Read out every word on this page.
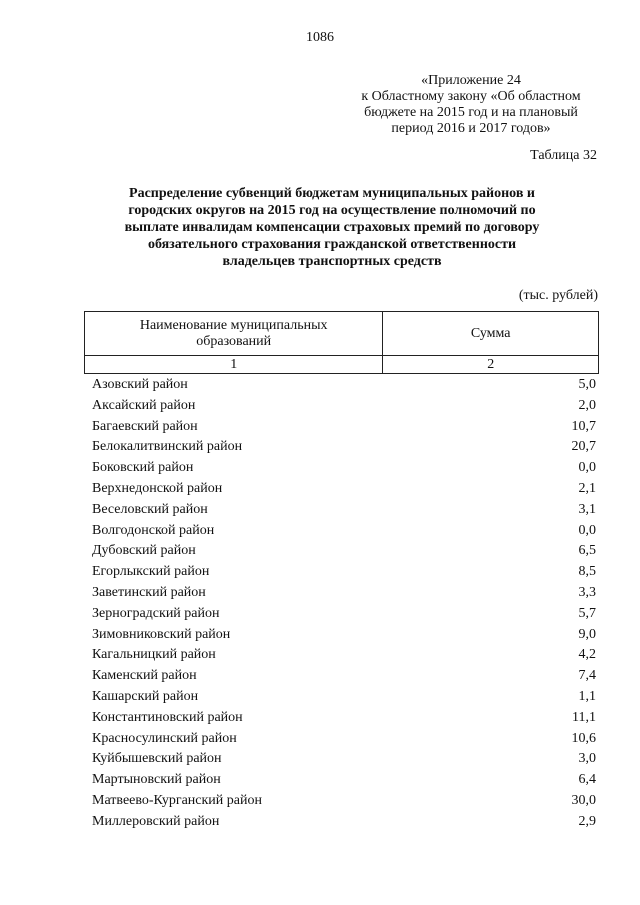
1086
«Приложение 24
к Областному закону «Об областном
бюджете на 2015 год и на плановый
период 2016 и 2017 годов»
Таблица 32
Распределение субвенций бюджетам муниципальных районов и
городских округов на 2015 год на осуществление полномочий по
выплате инвалидам компенсации страховых премий по договору
обязательного страхования гражданской ответственности
владельцев транспортных средств
(тыс. рублей)
Наименование муниципальных
образований	Сумма
1	2
Азовский район	5,0
Аксайский район	2,0
Багаевский район	10,7
Белокалитвинский район	20,7
Боковский район	0,0
Верхнедонской район	2,1
Веселовский район	3,1
Волгодонской район	0,0
Дубовский район	6,5
Егорлыкский район	8,5
Заветинский район	3,3
Зерноградский район	5,7
Зимовниковский район	9,0
Кагальницкий район	4,2
Каменский район	7,4
Кашарский район	1,1
Константиновский район	11,1
Красносулинский район	10,6
Куйбышевский район	3,0
Мартыновский район	6,4
Матвеево-Курганский район	30,0
Миллеровский район	2,9
